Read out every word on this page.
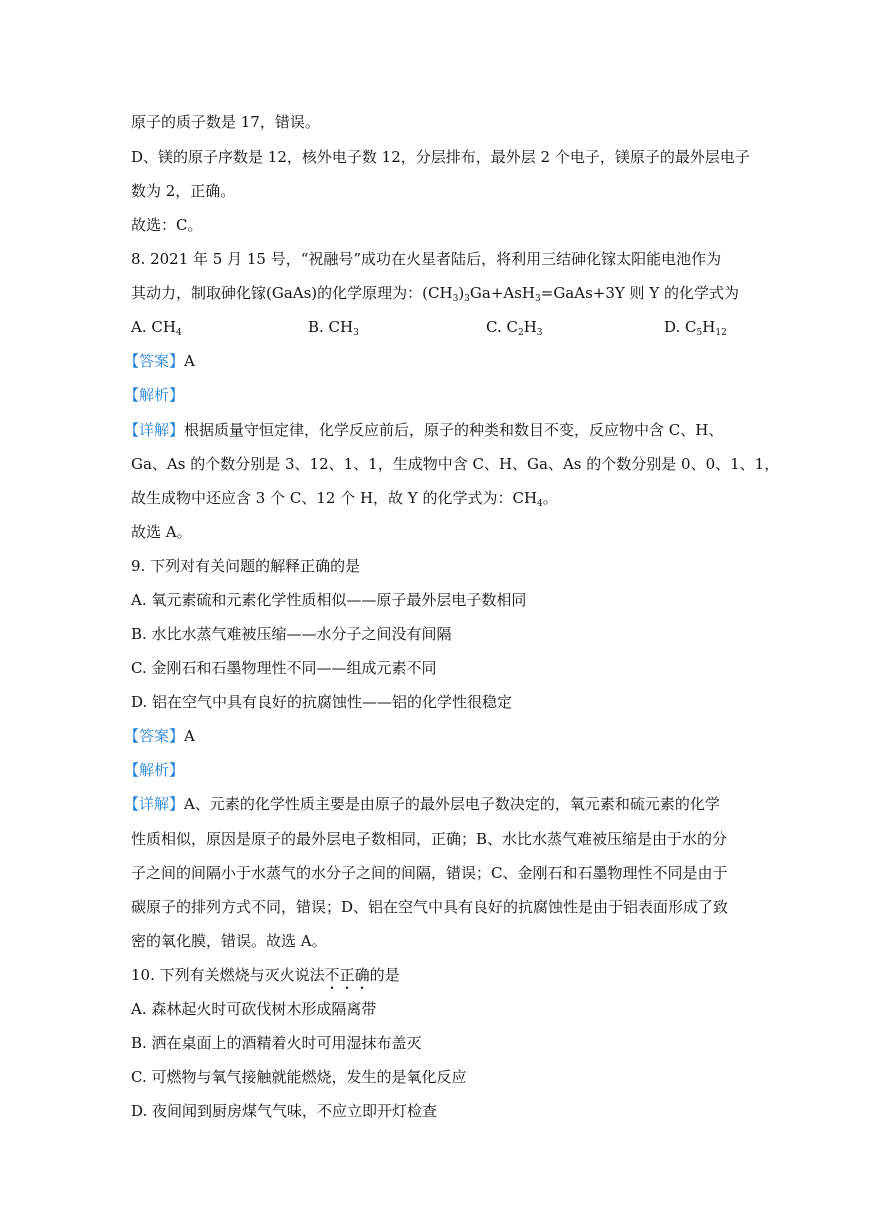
原子的质子数是 17，错误。
D、镁的原子序数是 12，核外电子数 12，分层排布，最外层 2 个电子，镁原子的最外层电子
数为 2，正确。
故选：C。
8. 2021 年 5 月 15 号，“祝融号”成功在火星者陆后，将利用三结砷化镓太阳能电池作为
其动力，制取砷化镓(GaAs)的化学原理为：$(CH_3)_3Ga+AsH_3=GaAs+3Y$ 则 Y 的化学式为
A. $CH_4$	B. $CH_3$	C. $C_2H_3$	D. $C_5H_{12}$
【答案】A
【解析】
【详解】根据质量守恒定律，化学反应前后，原子的种类和数目不变，反应物中含 C、H、
Ga、As 的个数分别是 3、12、1、1，生成物中含 C、H、Ga、As 的个数分别是 0、0、1、1，
故生成物中还应含 3 个 C、12 个 H，故 Y 的化学式为：$CH_4$。
故选 A。
9. 下列对有关问题的解释正确的是
A. 氧元素硫和元素化学性质相似——原子最外层电子数相同
B. 水比水蒸气难被压缩——水分子之间没有间隔
C. 金刚石和石墨物理性不同——组成元素不同
D. 铝在空气中具有良好的抗腐蚀性——铝的化学性很稳定
【答案】A
【解析】
【详解】A、元素的化学性质主要是由原子的最外层电子数决定的，氧元素和硫元素的化学
性质相似，原因是原子的最外层电子数相同，正确；B、水比水蒸气难被压缩是由于水的分
子之间的间隔小于水蒸气的水分子之间的间隔，错误；C、金刚石和石墨物理性不同是由于
碳原子的排列方式不同，错误；D、铝在空气中具有良好的抗腐蚀性是由于铝表面形成了致
密的氧化膜，错误。故选 A。
10. 下列有关燃烧与灭火说法不正确的是
A. 森林起火时可砍伐树木形成隔离带
B. 洒在桌面上的酒精着火时可用湿抹布盖灭
C. 可燃物与氧气接触就能燃烧，发生的是氧化反应
D. 夜间闻到厨房煤气气味，不应立即开灯检查
